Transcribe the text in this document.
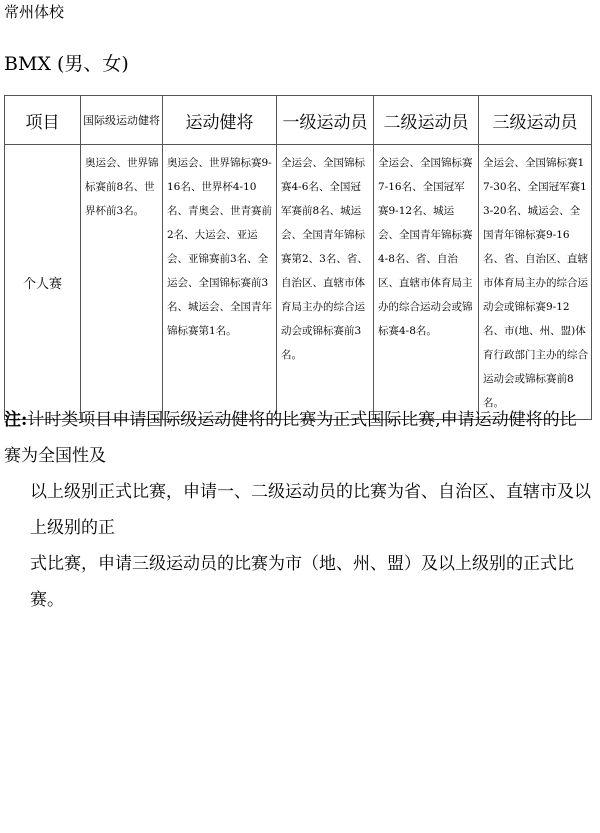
常州体校
BMX (男、女)
项目	国际级运动健将	运动健将	一级运动员	二级运动员	三级运动员
个人赛	奥运会、世界锦标赛前8名、世界杯前3名。	奥运会、世界锦标赛9-16名、世界杯4-10名、青奥会、世青赛前2名、大运会、亚运会、亚锦赛前3名、全运会、全国锦标赛前3名、城运会、全国青年锦标赛第1名。	全运会、全国锦标赛4-6名、全国冠军赛前8名、城运会、全国青年锦标赛第2、3名、省、自治区、直辖市体育局主办的综合运动会或锦标赛前3名。	全运会、全国锦标赛7-16名、全国冠军赛9-12名、城运会、全国青年锦标赛4-8名、省、自治区、直辖市体育局主办的综合运动会或锦标赛4-8名。	全运会、全国锦标赛17-30名、全国冠军赛13-20名、城运会、全国青年锦标赛9-16名、省、自治区、直辖市体育局主办的综合运动会或锦标赛9-12名、市(地、州、盟)体育行政部门主办的综合运动会或锦标赛前8名。

注:计时类项目申请国际级运动健将的比赛为正式国际比赛,申请运动健将的比赛为全国性及

以上级别正式比赛，申请一、二级运动员的比赛为省、自治区、直辖市及以上级别的正

式比赛，申请三级运动员的比赛为市（地、州、盟）及以上级别的正式比赛。
